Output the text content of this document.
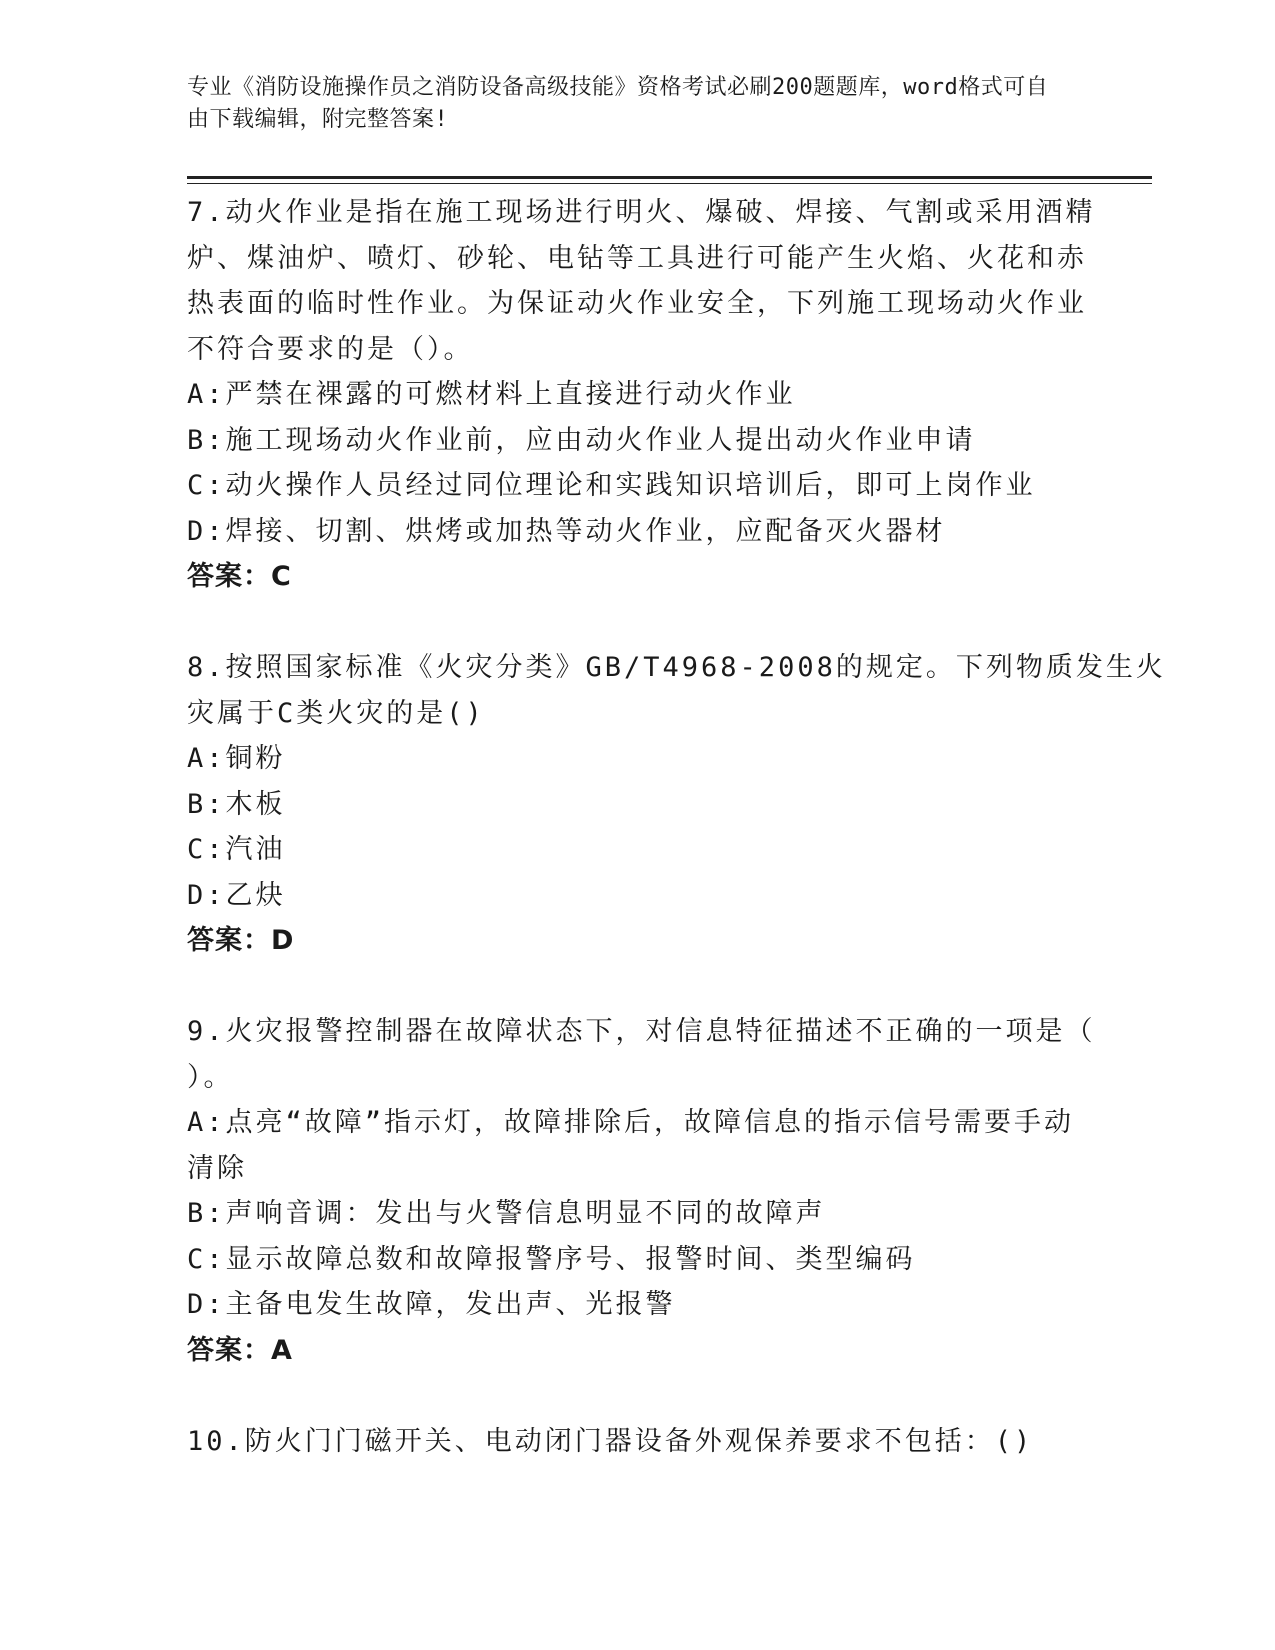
专业《消防设施操作员之消防设备高级技能》资格考试必刷200题题库，word格式可自由下载编辑，附完整答案!
7.动火作业是指在施工现场进行明火、爆破、焊接、气割或采用酒精
炉、煤油炉、喷灯、砂轮、电钻等工具进行可能产生火焰、火花和赤
热表面的临时性作业。为保证动火作业安全，下列施工现场动火作业
不符合要求的是（）。
A:严禁在裸露的可燃材料上直接进行动火作业
B:施工现场动火作业前，应由动火作业人提出动火作业申请
C:动火操作人员经过同位理论和实践知识培训后，即可上岗作业
D:焊接、切割、烘烤或加热等动火作业，应配备灭火器材
答案：C
8.按照国家标准《火灾分类》GB/T4968-2008的规定。下列物质发生火
灾属于C类火灾的是()
A:铜粉
B:木板
C:汽油
D:乙炔
答案：D
9.火灾报警控制器在故障状态下，对信息特征描述不正确的一项是（
）。
A:点亮“故障”指示灯，故障排除后，故障信息的指示信号需要手动
清除
B:声响音调：发出与火警信息明显不同的故障声
C:显示故障总数和故障报警序号、报警时间、类型编码
D:主备电发生故障，发出声、光报警
答案：A
10.防火门门磁开关、电动闭门器设备外观保养要求不包括：()
